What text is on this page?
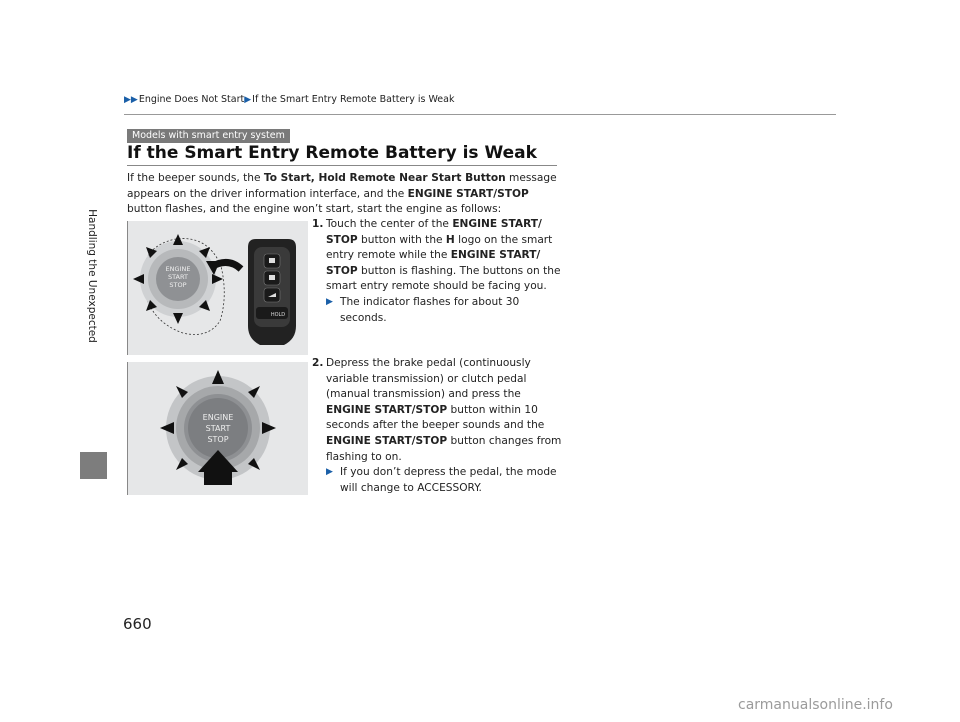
▶▶Engine Does Not Start▶If the Smart Entry Remote Battery is Weak
Handling the Unexpected
Models with smart entry system
If the Smart Entry Remote Battery is Weak
If the beeper sounds, the To Start, Hold Remote Near Start Button message appears on the driver information interface, and the ENGINE START/STOP button flashes, and the engine won’t start, start the engine as follows:
ENGINE
START
STOP
HOLD
ENGINE
START
STOP
1. Touch the center of the ENGINE START/ STOP button with the H logo on the smart entry remote while the ENGINE START/ STOP button is flashing. The buttons on the smart entry remote should be facing you.
▶ The indicator flashes for about 30 seconds.
2. Depress the brake pedal (continuously variable transmission) or clutch pedal (manual transmission) and press the ENGINE START/STOP button within 10 seconds after the beeper sounds and the ENGINE START/STOP button changes from flashing to on.
▶ If you don’t depress the pedal, the mode will change to ACCESSORY.
660
carmanualsonline.info
